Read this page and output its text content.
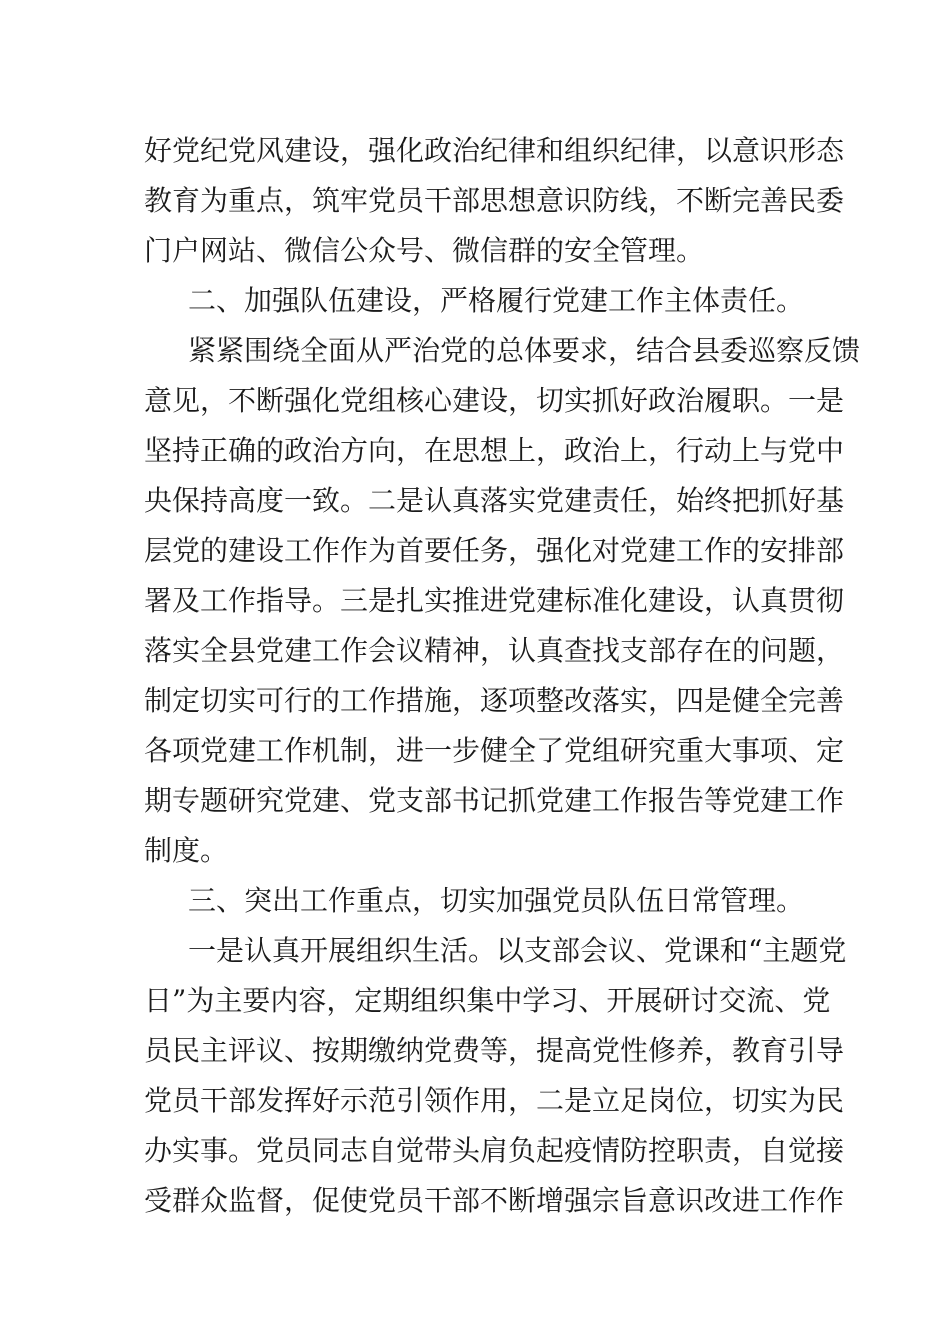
好党纪党风建设，强化政治纪律和组织纪律，以意识形态
教育为重点，筑牢党员干部思想意识防线，不断完善民委
门户网站、微信公众号、微信群的安全管理。
二、加强队伍建设，严格履行党建工作主体责任。
紧紧围绕全面从严治党的总体要求，结合县委巡察反馈
意见，不断强化党组核心建设，切实抓好政治履职。一是
坚持正确的政治方向，在思想上，政治上，行动上与党中
央保持高度一致。二是认真落实党建责任，始终把抓好基
层党的建设工作作为首要任务，强化对党建工作的安排部
署及工作指导。三是扎实推进党建标准化建设，认真贯彻
落实全县党建工作会议精神，认真查找支部存在的问题，
制定切实可行的工作措施，逐项整改落实，四是健全完善
各项党建工作机制，进一步健全了党组研究重大事项、定
期专题研究党建、党支部书记抓党建工作报告等党建工作
制度。
三、突出工作重点，切实加强党员队伍日常管理。
一是认真开展组织生活。以支部会议、党课和“主题党
日”为主要内容，定期组织集中学习、开展研讨交流、党
员民主评议、按期缴纳党费等，提高党性修养，教育引导
党员干部发挥好示范引领作用，二是立足岗位，切实为民
办实事。党员同志自觉带头肩负起疫情防控职责，自觉接
受群众监督，促使党员干部不断增强宗旨意识改进工作作
